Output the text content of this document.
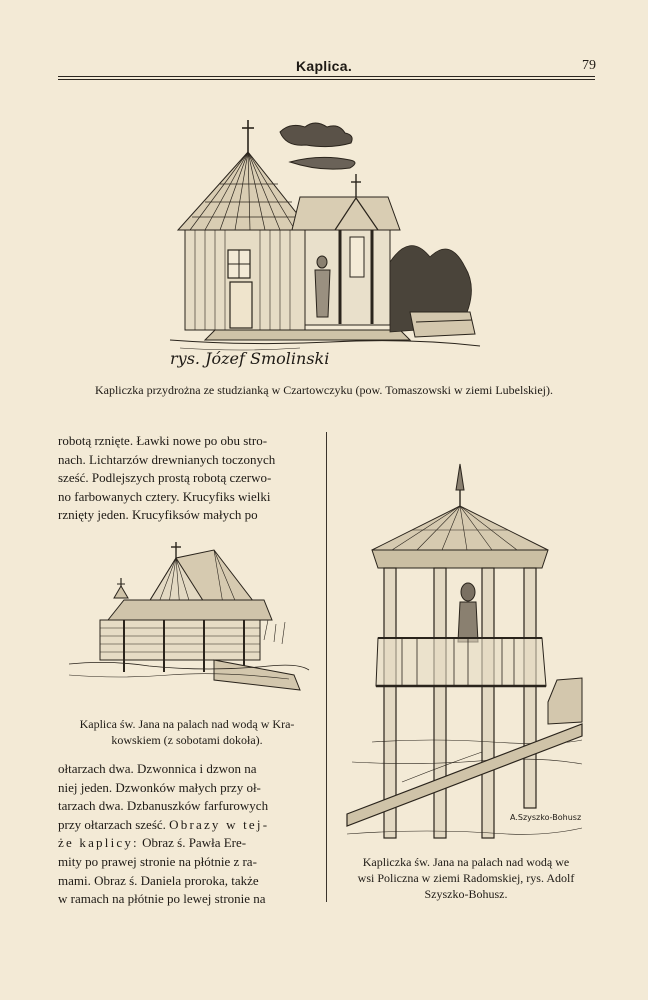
Kaplica.	79
rys. Józef Smolinski
Kapliczka przydrożna ze studzianką w Czartowczyku (pow. Tomaszowski w ziemi Lubelskiej).

robotą rznięte. Ławki nowe po obu stro-

nach. Lichtarzów drewnianych toczonych

sześć. Podlejszych prostą robotą czerwo-

no farbowanych cztery. Krucyfiks wielki

rznięty jeden. Krucyfiksów małych po

Kaplica św. Jana na palach nad wodą w Kra-
kowskiem (z sobotami dokoła).

ołtarzach dwa. Dzwonnica i dzwon na

niej jeden. Dzwonków małych przy oł-

tarzach dwa. Dzbanuszków farfurowych

przy ołtarzach sześć. Obrazy w tej-

że kaplicy: Obraz ś. Pawła Ere-

mity po prawej stronie na płótnie z ra-

mami. Obraz ś. Daniela proroka, także

w ramach na płótnie po lewej stronie na

A.Szyszko-Bohusz
Kapliczka św. Jana na palach nad wodą we
wsi Policzna w ziemi Radomskiej, rys. Adolf
Szyszko-Bohusz.
